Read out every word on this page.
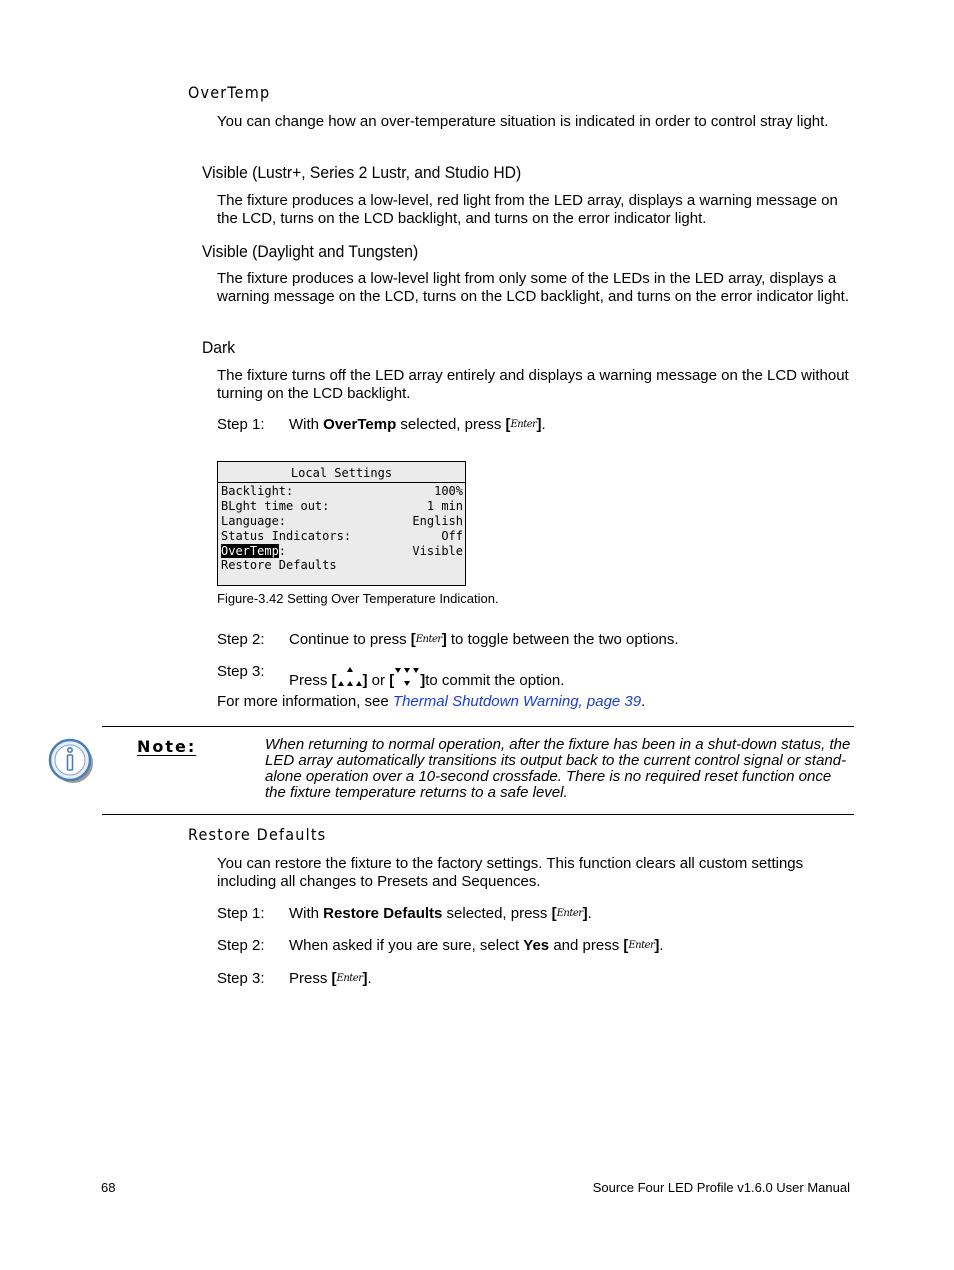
OverTemp
You can change how an over-temperature situation is indicated in order to control stray light.
Visible (Lustr+, Series 2 Lustr, and Studio HD)
The fixture produces a low-level, red light from the LED array, displays a warning message on the LCD, turns on the LCD backlight, and turns on the error indicator light.
Visible (Daylight and Tungsten)
The fixture produces a low-level light from only some of the LEDs in the LED array, displays a warning message on the LCD, turns on the LCD backlight, and turns on the error indicator light.
Dark
The fixture turns off the LED array entirely and displays a warning message on the LCD without turning on the LCD backlight.
Step 1: With OverTemp selected, press [Enter].
Local Settings
Backlight:	100%
BLght time out:	1 min
Language:	English
Status Indicators:	Off
OverTemp:	Visible
Restore Defaults
Figure-3.42 Setting Over Temperature Indication.
Step 2: Continue to press [Enter] to toggle between the two options.
Step 3:
Press [ ] or [ ]to commit the option.
For more information, see Thermal Shutdown Warning, page 39.
Note:	When returning to normal operation, after the fixture has been in a shut-down status, the LED array automatically transitions its output back to the current control signal or stand-alone operation over a 10-second crossfade. There is no required reset function once the fixture temperature returns to a safe level.
Restore Defaults
You can restore the fixture to the factory settings. This function clears all custom settings including all changes to Presets and Sequences.
Step 1: With Restore Defaults selected, press [Enter].
Step 2: When asked if you are sure, select Yes and press [Enter].
Step 3: Press [Enter].
68	Source Four LED Profile v1.6.0 User Manual
